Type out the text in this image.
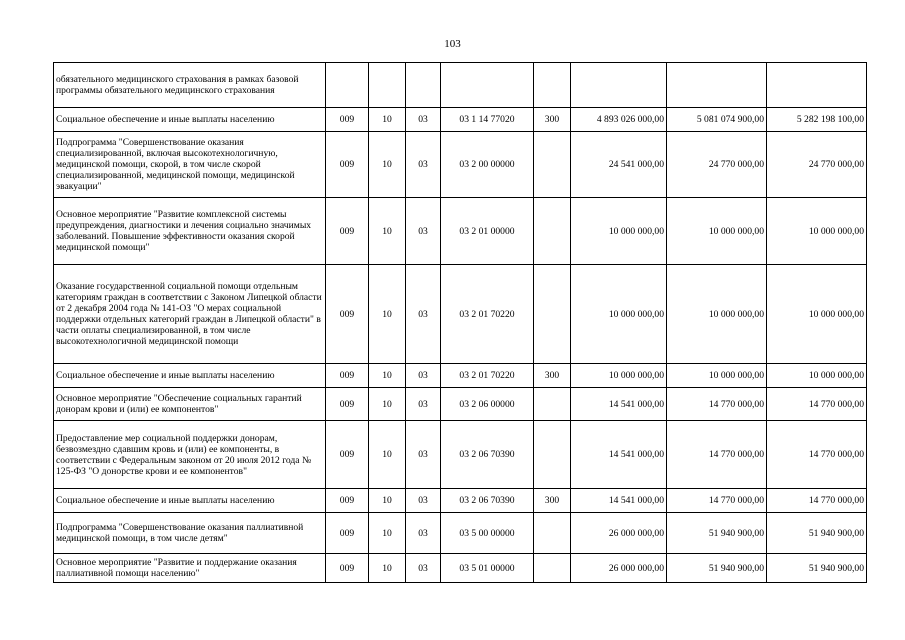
103
обязательного медицинского страхования в рамках базовой программы обязательного медицинского страхования								
Социальное обеспечение и иные выплаты населению	009	10	03	03 1 14 77020	300	4 893 026 000,00	5 081 074 900,00	5 282 198 100,00
Подпрограмма "Совершенствование оказания специализированной, включая высокотехнологичную, медицинской помощи, скорой, в том числе скорой специализированной, медицинской помощи, медицинской эвакуации"	009	10	03	03 2 00 00000		24 541 000,00	24 770 000,00	24 770 000,00
Основное мероприятие "Развитие комплексной системы предупреждения, диагностики и лечения социально значимых заболеваний. Повышение эффективности оказания скорой медицинской помощи"	009	10	03	03 2 01 00000		10 000 000,00	10 000 000,00	10 000 000,00
Оказание государственной социальной помощи отдельным категориям граждан в соответствии с Законом Липецкой области от 2 декабря 2004 года № 141-ОЗ "О мерах социальной поддержки отдельных категорий граждан в Липецкой области" в части оплаты специализированной, в том числе высокотехнологичной медицинской помощи	009	10	03	03 2 01 70220		10 000 000,00	10 000 000,00	10 000 000,00
Социальное обеспечение и иные выплаты населению	009	10	03	03 2 01 70220	300	10 000 000,00	10 000 000,00	10 000 000,00
Основное мероприятие "Обеспечение социальных гарантий донорам крови и (или) ее компонентов"	009	10	03	03 2 06 00000		14 541 000,00	14 770 000,00	14 770 000,00
Предоставление мер социальной поддержки донорам, безвозмездно сдавшим кровь и (или) ее компоненты, в соответствии с Федеральным законом от 20 июля 2012 года № 125-ФЗ "О донорстве крови и ее компонентов"	009	10	03	03 2 06 70390		14 541 000,00	14 770 000,00	14 770 000,00
Социальное обеспечение и иные выплаты населению	009	10	03	03 2 06 70390	300	14 541 000,00	14 770 000,00	14 770 000,00
Подпрограмма "Совершенствование оказания паллиативной медицинской помощи, в том числе детям"	009	10	03	03 5 00 00000		26 000 000,00	51 940 900,00	51 940 900,00
Основное мероприятие "Развитие и поддержание оказания паллиативной помощи населению"	009	10	03	03 5 01 00000		26 000 000,00	51 940 900,00	51 940 900,00
